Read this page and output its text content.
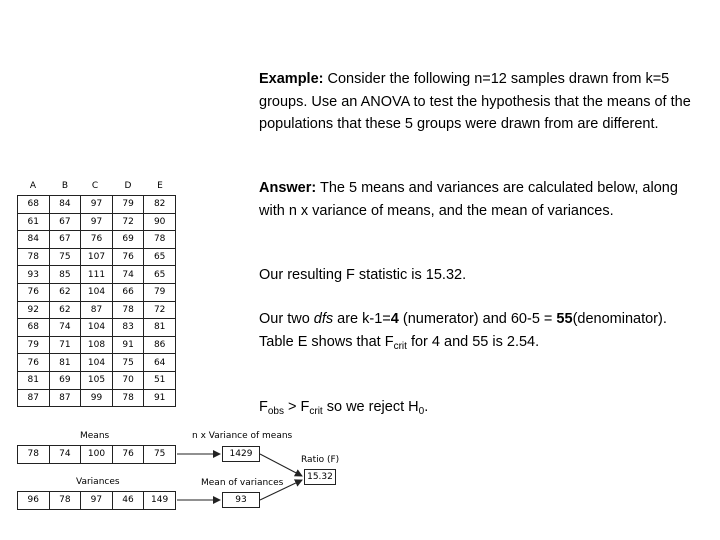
Example: Consider the following n=12 samples drawn from k=5 groups. Use an ANOVA to test the hypothesis that the means of the populations that these 5 groups were drawn from are different.
Answer: The 5 means and variances are calculated below, along with n x variance of means, and the mean of variances.
Our resulting F statistic is 15.32.
Our two dfs are k-1=4 (numerator) and 60-5 = 55(denominator). Table E shows that $F_{crit}$ for 4 and 55 is 2.54.
$F_{obs} > F_{crit}$ so we reject $H_0$.
A	B	C	D	E
68	84	97	79	82
61	67	97	72	90
84	67	76	69	78
78	75	107	76	65
93	85	111	74	65
76	62	104	66	79
92	62	87	78	72
68	74	104	83	81
79	71	108	91	86
76	81	104	75	64
81	69	105	70	51
87	87	99	78	91
Means
78	74	100	76	75
Variances
96	78	97	46	149
n x Variance of means
1429
Mean of variances
93
Ratio (F)
15.32
